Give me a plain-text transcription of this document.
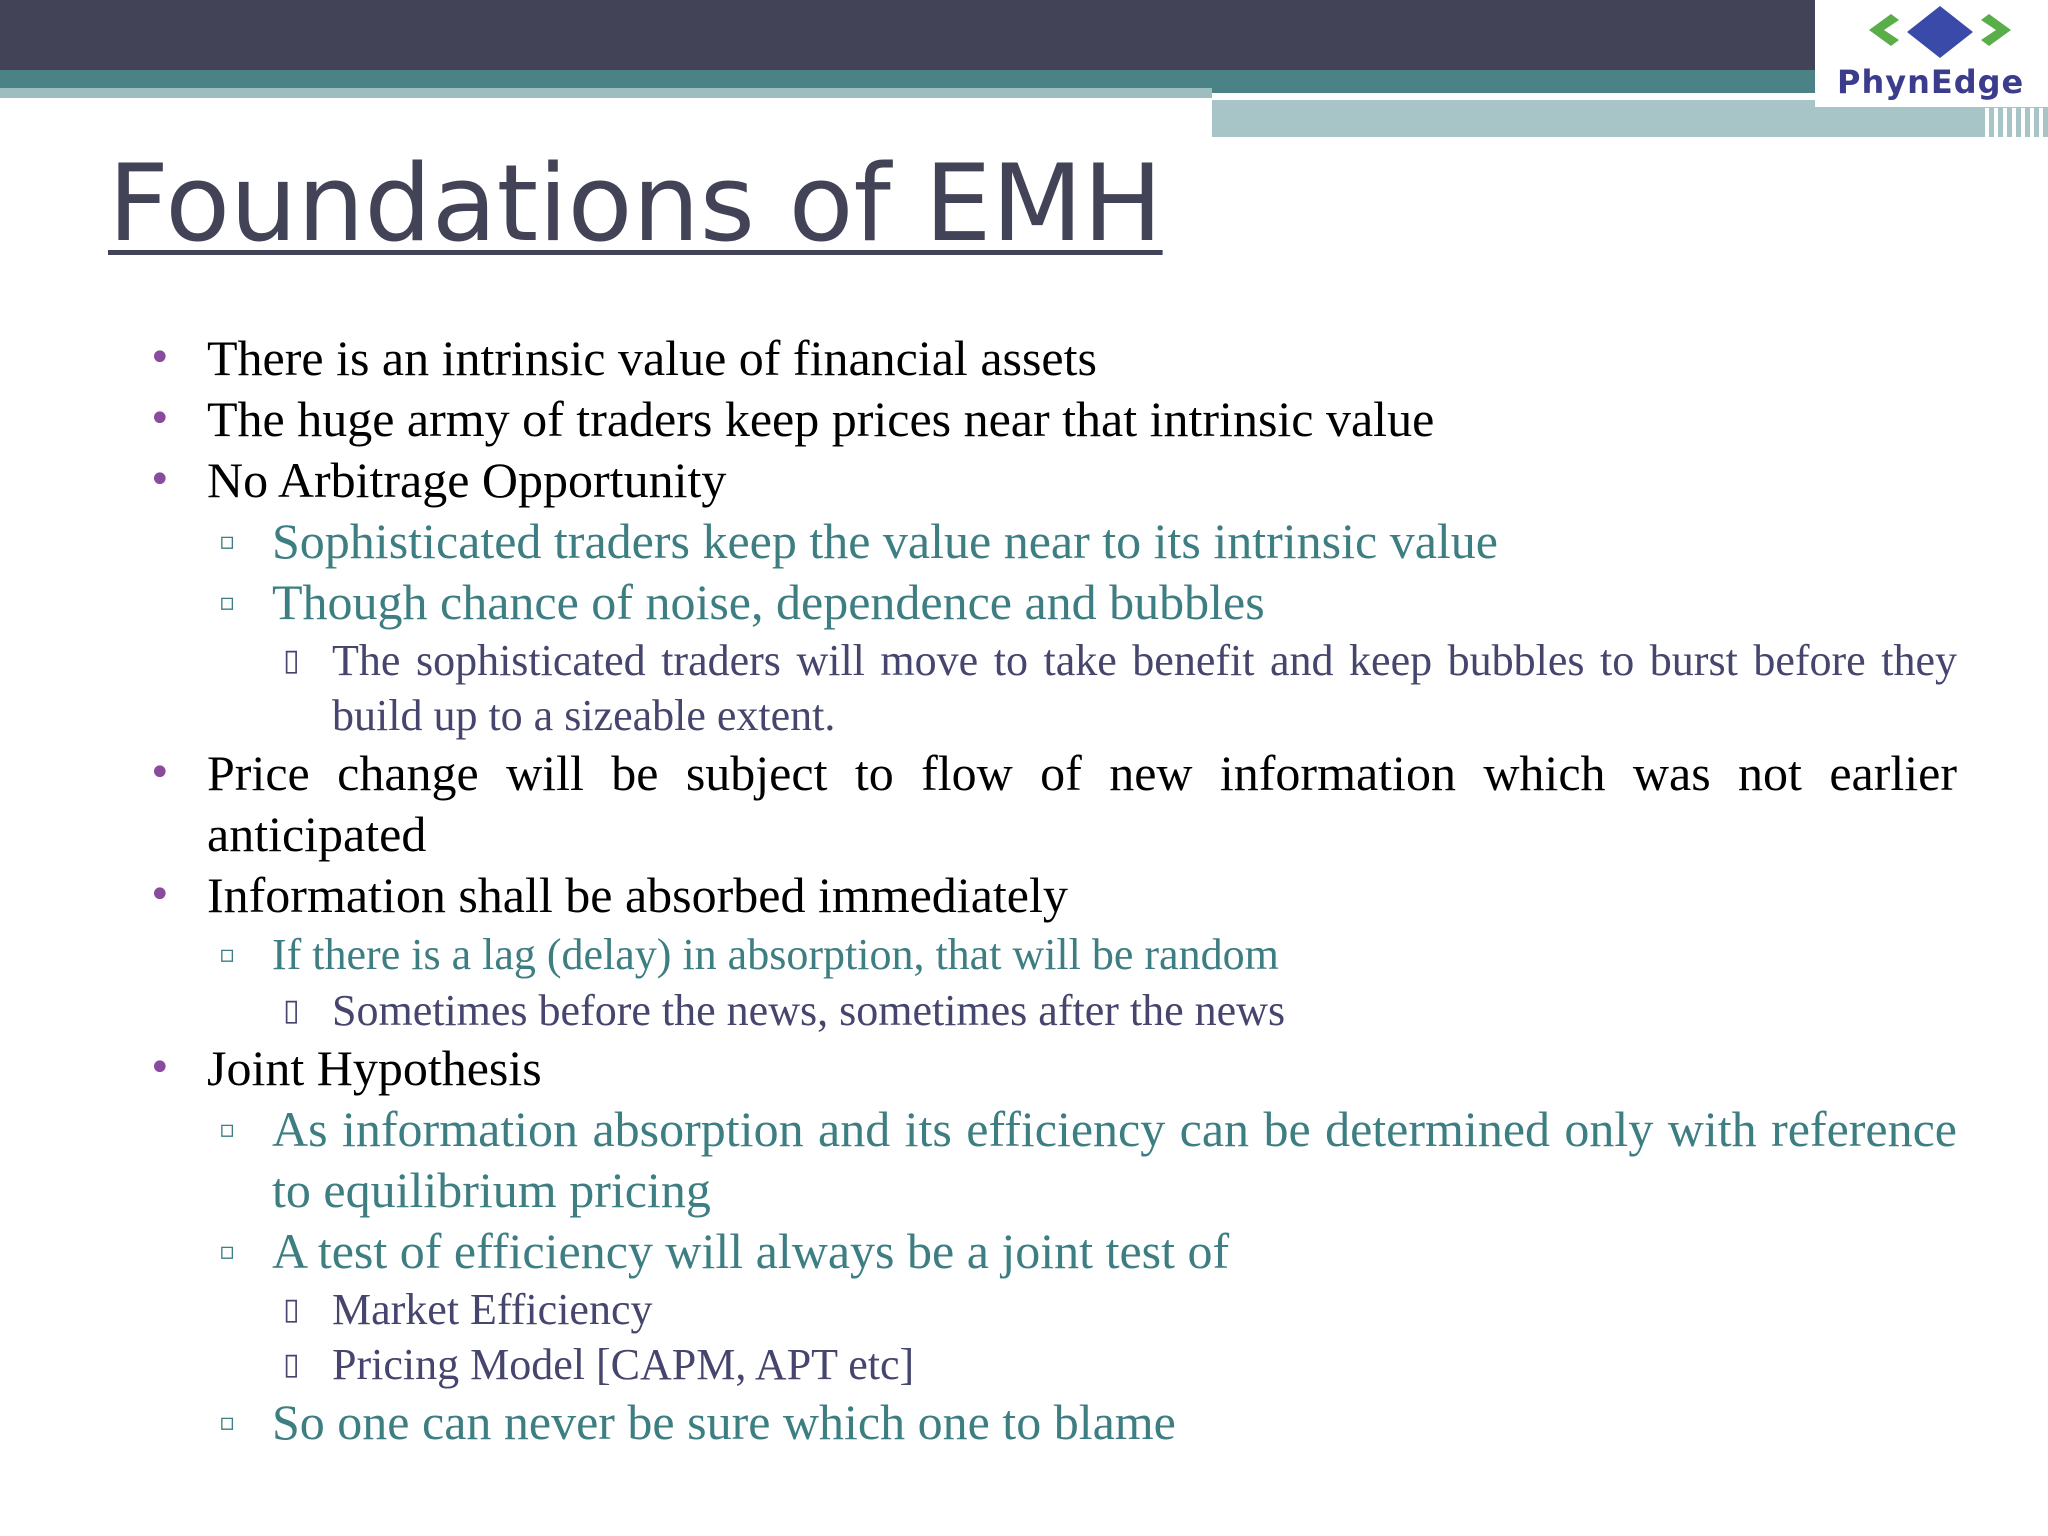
PhynEdge
Foundations of EMH
• There is an intrinsic value of financial assets
• The huge army of traders keep prices near that intrinsic value
• No Arbitrage Opportunity
▫ Sophisticated traders keep the value near to its intrinsic value
▫ Though chance of noise, dependence and bubbles
▯ The sophisticated traders will move to take benefit and keep bubbles to burst before they build up to a sizeable extent.
• Price change will be subject to flow of new information which was not earlier anticipated
• Information shall be absorbed immediately
▫ If there is a lag (delay) in absorption, that will be random
▯ Sometimes before the news, sometimes after the news
• Joint Hypothesis
▫ As information absorption and its efficiency can be determined only with reference to equilibrium pricing
▫ A test of efficiency will always be a joint test of
▯ Market Efficiency
▯ Pricing Model [CAPM, APT etc]
▫ So one can never be sure which one to blame
